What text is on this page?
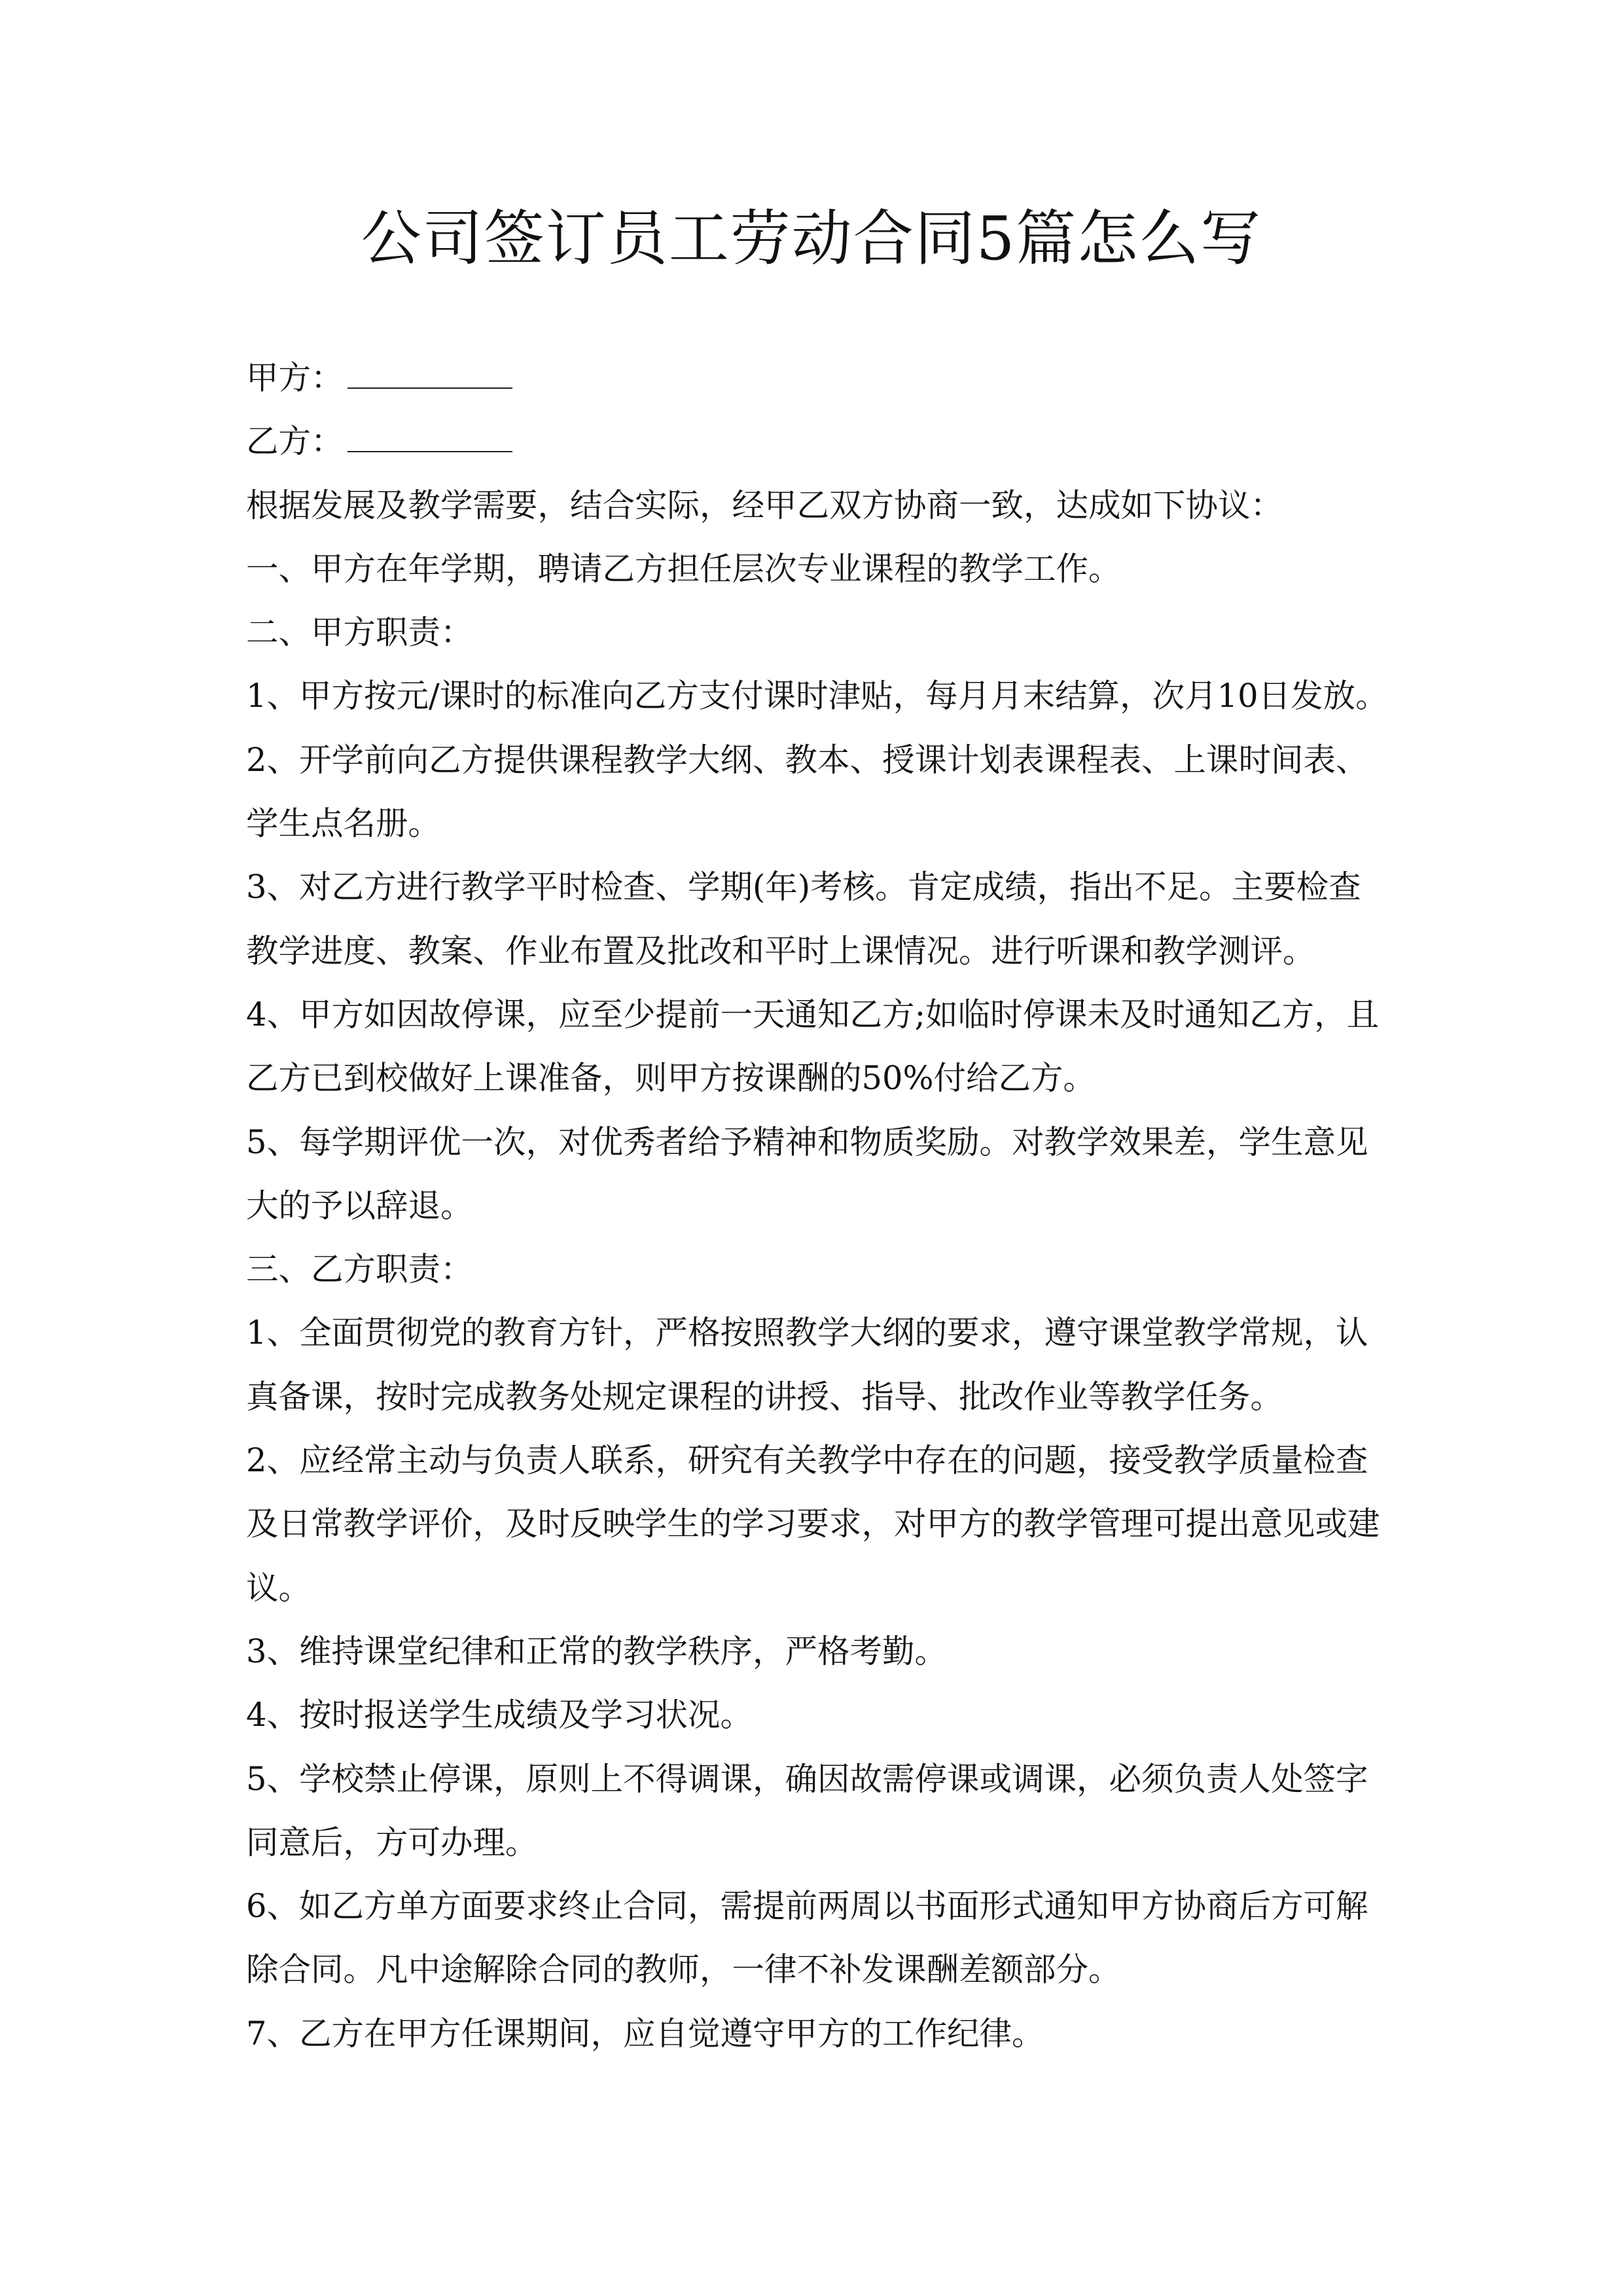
公司签订员工劳动合同5篇怎么写
甲方：
乙方：
根据发展及教学需要，结合实际，经甲乙双方协商一致，达成如下协议：
一、甲方在年学期，聘请乙方担任层次专业课程的教学工作。
二、甲方职责：
1、甲方按元/课时的标准向乙方支付课时津贴，每月月末结算，次月10日发放。
2、开学前向乙方提供课程教学大纲、教本、授课计划表课程表、上课时间表、
学生点名册。
3、对乙方进行教学平时检查、学期(年)考核。肯定成绩，指出不足。主要检查
教学进度、教案、作业布置及批改和平时上课情况。进行听课和教学测评。
4、甲方如因故停课，应至少提前一天通知乙方;如临时停课未及时通知乙方，且
乙方已到校做好上课准备，则甲方按课酬的50%付给乙方。
5、每学期评优一次，对优秀者给予精神和物质奖励。对教学效果差，学生意见
大的予以辞退。
三、乙方职责：
1、全面贯彻党的教育方针，严格按照教学大纲的要求，遵守课堂教学常规，认
真备课，按时完成教务处规定课程的讲授、指导、批改作业等教学任务。
2、应经常主动与负责人联系，研究有关教学中存在的问题，接受教学质量检查
及日常教学评价，及时反映学生的学习要求，对甲方的教学管理可提出意见或建
议。
3、维持课堂纪律和正常的教学秩序，严格考勤。
4、按时报送学生成绩及学习状况。
5、学校禁止停课，原则上不得调课，确因故需停课或调课，必须负责人处签字
同意后，方可办理。
6、如乙方单方面要求终止合同，需提前两周以书面形式通知甲方协商后方可解
除合同。凡中途解除合同的教师，一律不补发课酬差额部分。
7、乙方在甲方任课期间，应自觉遵守甲方的工作纪律。
